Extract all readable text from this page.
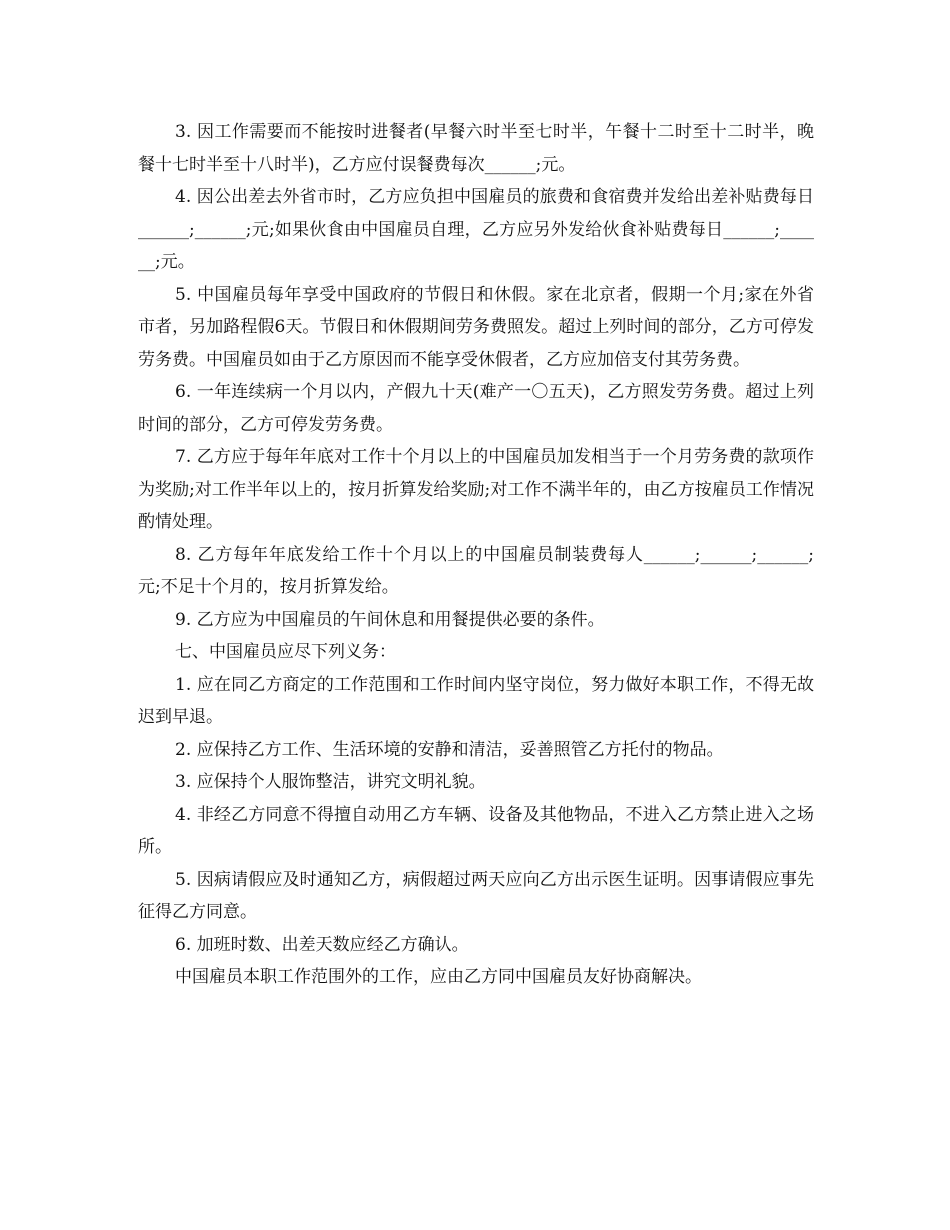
3. 因工作需要而不能按时进餐者(早餐六时半至七时半，午餐十二时至十二时半，晚餐十七时半至十八时半)，乙方应付误餐费每次______;元。

4. 因公出差去外省市时，乙方应负担中国雇员的旅费和食宿费并发给出差补贴费每日______;______;元;如果伙食由中国雇员自理，乙方应另外发给伙食补贴费每日______;______;元。

5. 中国雇员每年享受中国政府的节假日和休假。家在北京者，假期一个月;家在外省市者，另加路程假6天。节假日和休假期间劳务费照发。超过上列时间的部分，乙方可停发劳务费。中国雇员如由于乙方原因而不能享受休假者，乙方应加倍支付其劳务费。

6. 一年连续病一个月以内，产假九十天(难产一〇五天)，乙方照发劳务费。超过上列时间的部分，乙方可停发劳务费。

7. 乙方应于每年年底对工作十个月以上的中国雇员加发相当于一个月劳务费的款项作为奖励;对工作半年以上的，按月折算发给奖励;对工作不满半年的，由乙方按雇员工作情况酌情处理。

8. 乙方每年年底发给工作十个月以上的中国雇员制装费每人______;______;______;元;不足十个月的，按月折算发给。

9. 乙方应为中国雇员的午间休息和用餐提供必要的条件。

七、中国雇员应尽下列义务：

1. 应在同乙方商定的工作范围和工作时间内坚守岗位，努力做好本职工作，不得无故迟到早退。

2. 应保持乙方工作、生活环境的安静和清洁，妥善照管乙方托付的物品。

3. 应保持个人服饰整洁，讲究文明礼貌。

4. 非经乙方同意不得擅自动用乙方车辆、设备及其他物品，不进入乙方禁止进入之场所。

5. 因病请假应及时通知乙方，病假超过两天应向乙方出示医生证明。因事请假应事先征得乙方同意。

6. 加班时数、出差天数应经乙方确认。

中国雇员本职工作范围外的工作，应由乙方同中国雇员友好协商解决。
